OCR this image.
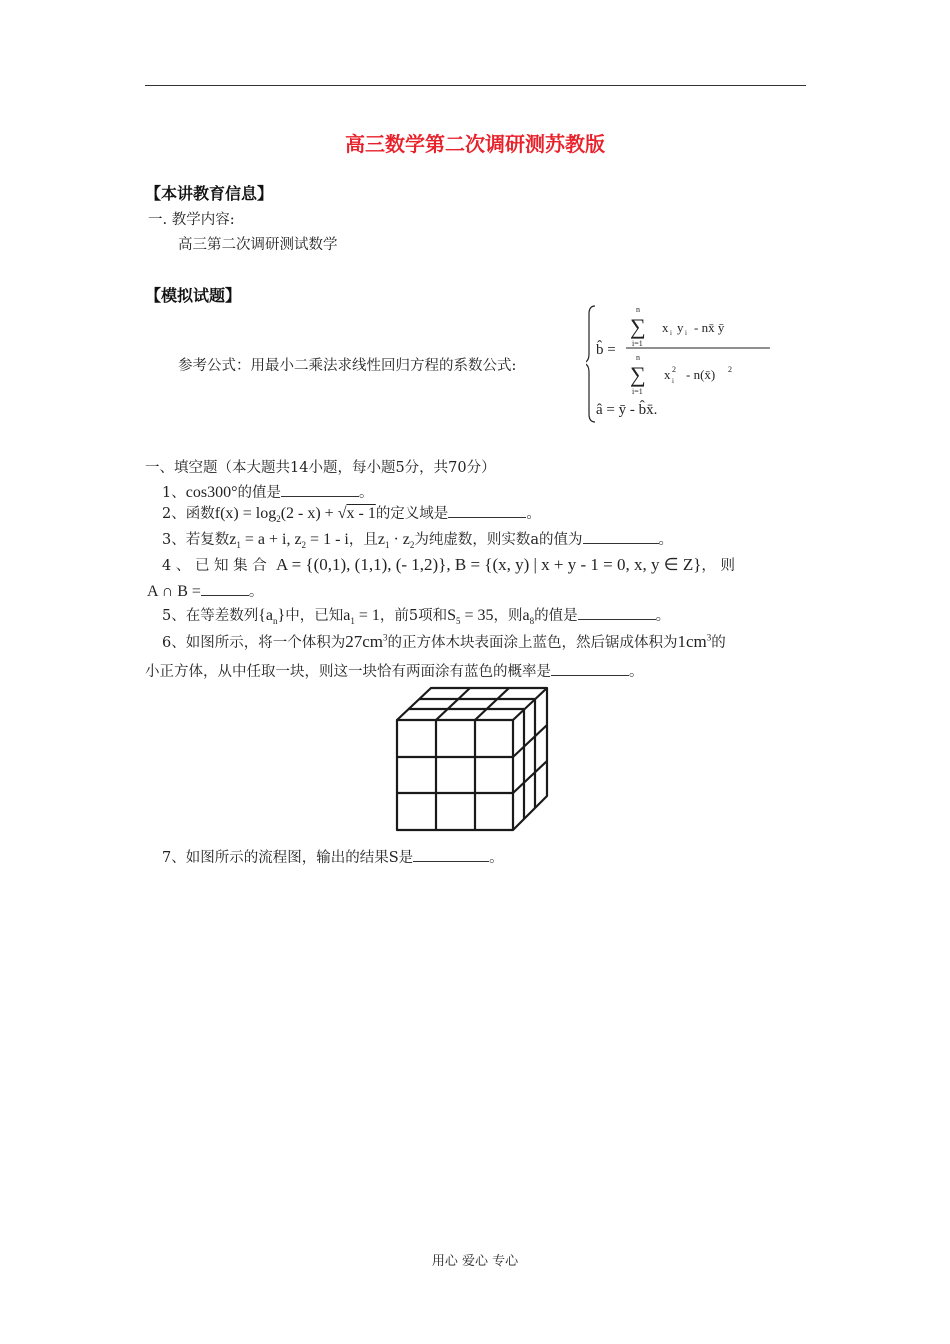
高三数学第二次调研测苏教版
【本讲教育信息】
一. 教学内容:
高三第二次调研测试数学
【模拟试题】
参考公式：用最小二乘法求线性回归方程的系数公式:
b̂ =
n
∑
i=1
x i y i - nx̄ ȳ
n
∑
i=1
x 2
i - n(x̄) 2
â = ȳ - b̂x̄.
一、填空题（本大题共14小题，每小题5分，共70分）
1、cos300°的值是	。
2、函数$f(x) = \log_2(2 - x) + √x - 1$的定义域是	。
3、若复数$z_1 = a + i$, $z_2 = 1 - i$，且$z_1 \cdot z_2$为纯虚数，则实数a的值为	。
4 、 已 知 集 合 A = {(0,1), (1,1), (- 1,2)}, B = {(x, y) | x + y - 1 = 0, x, y ∈ Z}， 则
A ∩ B =	。
5、在等差数列$\{a_n\}$中，已知$a_1 = 1$，前5项和$S_5 = 35$，则$a_8$的值是	。
6、如图所示，将一个体积为$27cm^3$的正方体木块表面涂上蓝色，然后锯成体积为$1cm^3$的
小正方体，从中任取一块，则这一块恰有两面涂有蓝色的概率是	。
7、如图所示的流程图，输出的结果S是	。
用心 爱心 专心
